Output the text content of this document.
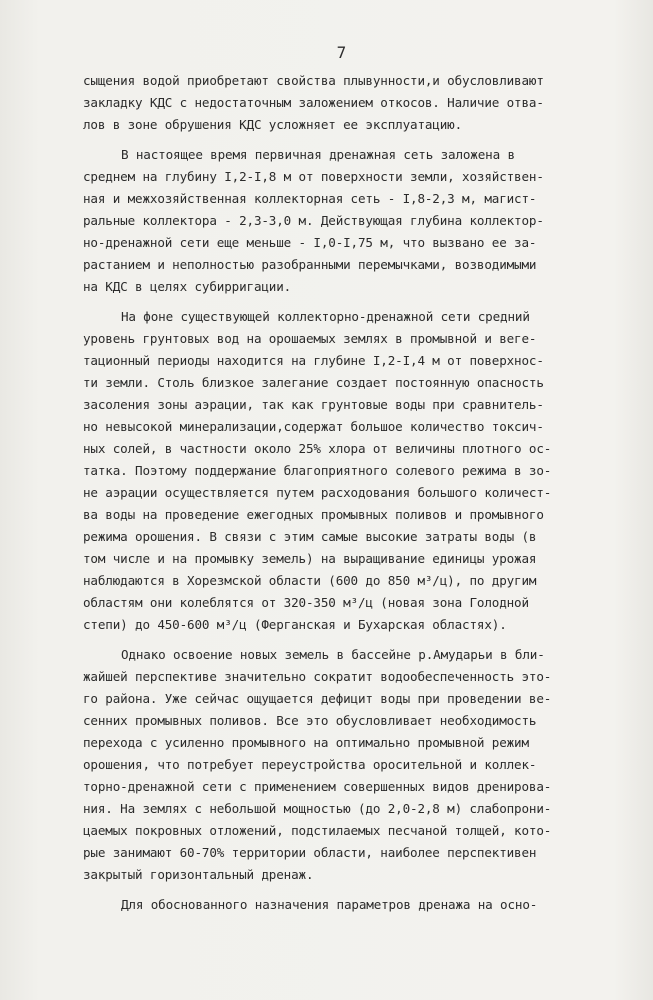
7
сыщения водой приобретают свойства плывунности,и обусловливают
закладку КДС с недостаточным заложением откосов. Наличие отва-
лов в зоне обрушения КДС усложняет ее эксплуатацию.
В настоящее время первичная дренажная сеть заложена в
среднем на глубину I,2-I,8 м от поверхности земли, хозяйствен-
ная и межхозяйственная коллекторная сеть - I,8-2,3 м, магист-
ральные коллектора - 2,3-3,0 м. Действующая глубина коллектор-
но-дренажной сети еще меньше - I,0-I,75 м, что вызвано ее за-
растанием и неполностью разобранными перемычками, возводимыми
на КДС в целях субирригации.
На фоне существующей коллекторно-дренажной сети средний
уровень грунтовых вод на орошаемых землях в промывной и веге-
тационный периоды находится на глубине I,2-I,4 м от поверхнос-
ти земли. Столь близкое залегание создает постоянную опасность
засоления зоны аэрации, так как грунтовые воды при сравнитель-
но невысокой минерализации,содержат большое количество токсич-
ных солей, в частности около 25% хлора от величины плотного ос-
татка. Поэтому поддержание благоприятного солевого режима в зо-
не аэрации осуществляется путем расходования большого количест-
ва воды на проведение ежегодных промывных поливов и промывного
режима орошения. В связи с этим самые высокие затраты воды (в
том числе и на промывку земель) на выращивание единицы урожая
наблюдаются в Хорезмской области (600 до 850 м³/ц), по другим
областям они колеблятся от 320-350 м³/ц (новая зона Голодной
степи) до 450-600 м³/ц (Ферганская и Бухарская областях).
Однако освоение новых земель в бассейне р.Амударьи в бли-
жайшей перспективе значительно сократит водообеспеченность это-
го района. Уже сейчас ощущается дефицит воды при проведении ве-
сенних промывных поливов. Все это обусловливает необходимость
перехода с усиленно промывного на оптимально промывной режим
орошения, что потребует переустройства оросительной и коллек-
торно-дренажной сети с применением совершенных видов дренирова-
ния. На землях с небольшой мощностью (до 2,0-2,8 м) слабопрони-
цаемых покровных отложений, подстилаемых песчаной толщей, кото-
рые занимают 60-70% территории области, наиболее перспективен
закрытый горизонтальный дренаж.
Для обоснованного назначения параметров дренажа на осно-
